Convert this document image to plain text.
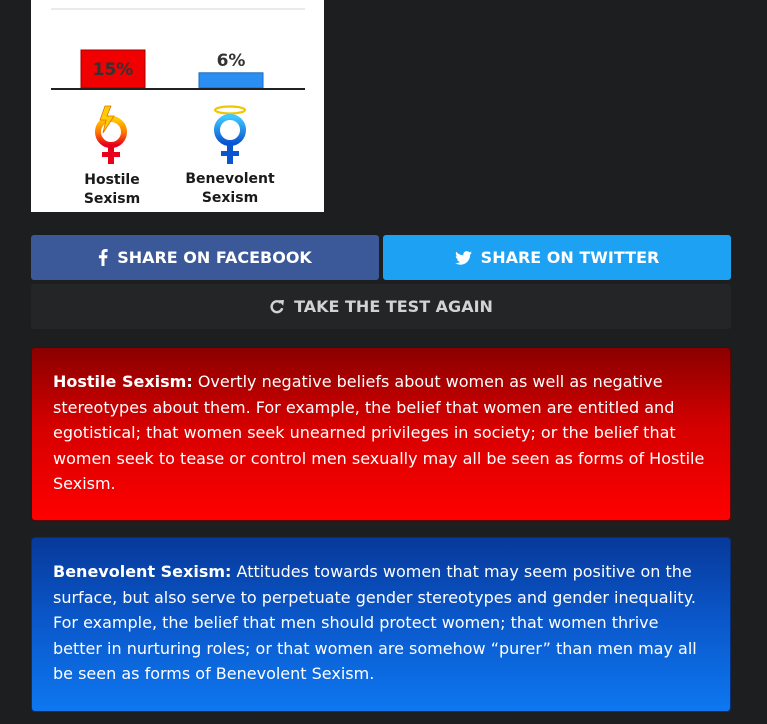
15%	6%
Hostile
Sexism
Benevolent
Sexism
SHARE ON FACEBOOK	SHARE ON TWITTER
TAKE THE TEST AGAIN
Hostile Sexism: Overtly negative beliefs about women as well as negative stereotypes about them. For example, the belief that women are entitled and egotistical; that women seek unearned privileges in society; or the belief that women seek to tease or control men sexually may all be seen as forms of Hostile Sexism.
Benevolent Sexism: Attitudes towards women that may seem positive on the surface, but also serve to perpetuate gender stereotypes and gender inequality. For example, the belief that men should protect women; that women thrive better in nurturing roles; or that women are somehow “purer” than men may all be seen as forms of Benevolent Sexism.
